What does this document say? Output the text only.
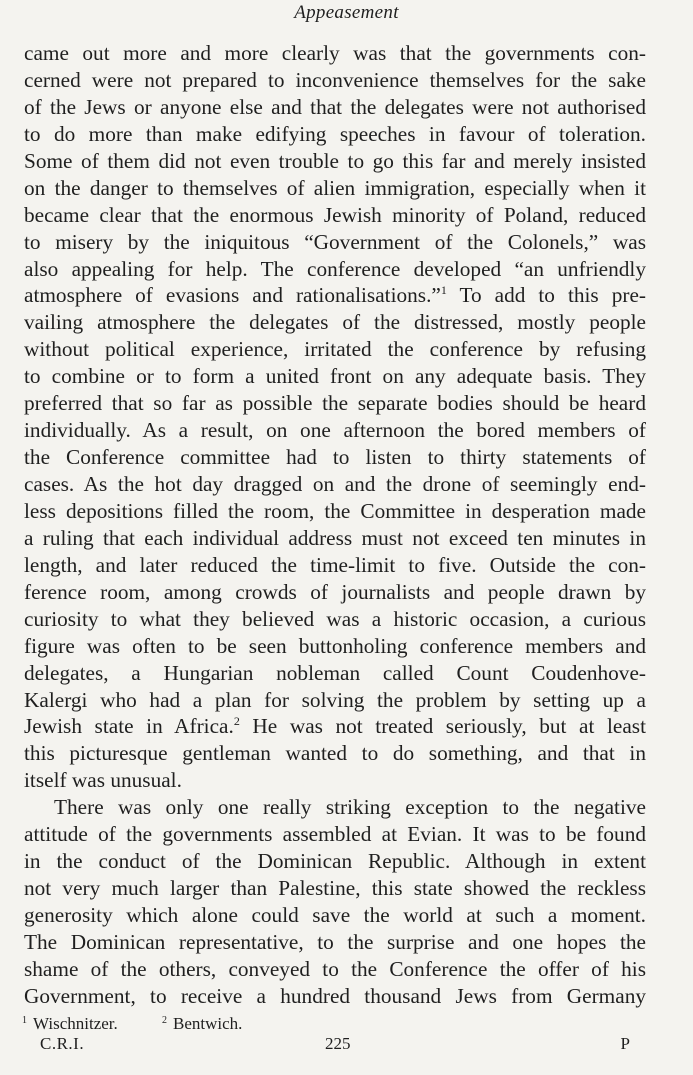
Appeasement
came out more and more clearly was that the governments con-
cerned were not prepared to inconvenience themselves for the sake
of the Jews or anyone else and that the delegates were not authorised
to do more than make edifying speeches in favour of toleration.
Some of them did not even trouble to go this far and merely insisted
on the danger to themselves of alien immigration, especially when it
became clear that the enormous Jewish minority of Poland, reduced
to misery by the iniquitous “Government of the Colonels,” was
also appealing for help. The conference developed “an unfriendly
atmosphere of evasions and rationalisations.”$^1$ To add to this pre-
vailing atmosphere the delegates of the distressed, mostly people
without political experience, irritated the conference by refusing
to combine or to form a united front on any adequate basis. They
preferred that so far as possible the separate bodies should be heard
individually. As a result, on one afternoon the bored members of
the Conference committee had to listen to thirty statements of
cases. As the hot day dragged on and the drone of seemingly end-
less depositions filled the room, the Committee in desperation made
a ruling that each individual address must not exceed ten minutes in
length, and later reduced the time-limit to five. Outside the con-
ference room, among crowds of journalists and people drawn by
curiosity to what they believed was a historic occasion, a curious
figure was often to be seen buttonholing conference members and
delegates, a Hungarian nobleman called Count Coudenhove-
Kalergi who had a plan for solving the problem by setting up a
Jewish state in Africa.$^2$ He was not treated seriously, but at least
this picturesque gentleman wanted to do something, and that in
itself was unusual.
There was only one really striking exception to the negative
attitude of the governments assembled at Evian. It was to be found
in the conduct of the Dominican Republic. Although in extent
not very much larger than Palestine, this state showed the reckless
generosity which alone could save the world at such a moment.
The Dominican representative, to the surprise and one hopes the
shame of the others, conveyed to the Conference the offer of his
Government, to receive a hundred thousand Jews from Germany
$^1$ Wischnitzer.	$^2$ Bentwich.
C.R.I.	225	P
